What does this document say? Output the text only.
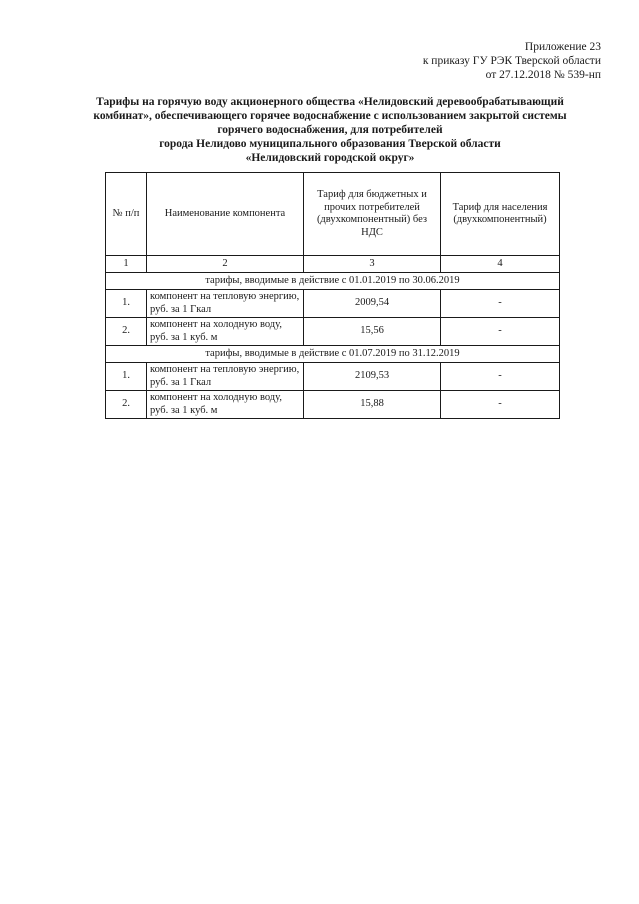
Приложение 23
к приказу ГУ РЭК Тверской области
от 27.12.2018 № 539-нп
Тарифы на горячую воду акционерного общества «Нелидовский деревообрабатывающий
комбинат», обеспечивающего горячее водоснабжение с использованием закрытой системы
горячего водоснабжения, для потребителей
города Нелидово муниципального образования Тверской области
«Нелидовский городской округ»
№ п/п	Наименование компонента	Тариф для бюджетных и прочих потребителей (двухкомпонентный) без НДС	Тариф для населения (двухкомпонентный)
1	2	3	4
тарифы, вводимые в действие с 01.01.2019 по 30.06.2019			
1.	компонент на тепловую энергию, руб. за 1 Гкал	2009,54	-
2.	компонент на холодную воду, руб. за 1 куб. м	15,56	-
тарифы, вводимые в действие с 01.07.2019 по 31.12.2019			
1.	компонент на тепловую энергию, руб. за 1 Гкал	2109,53	-
2.	компонент на холодную воду, руб. за 1 куб. м	15,88	-
